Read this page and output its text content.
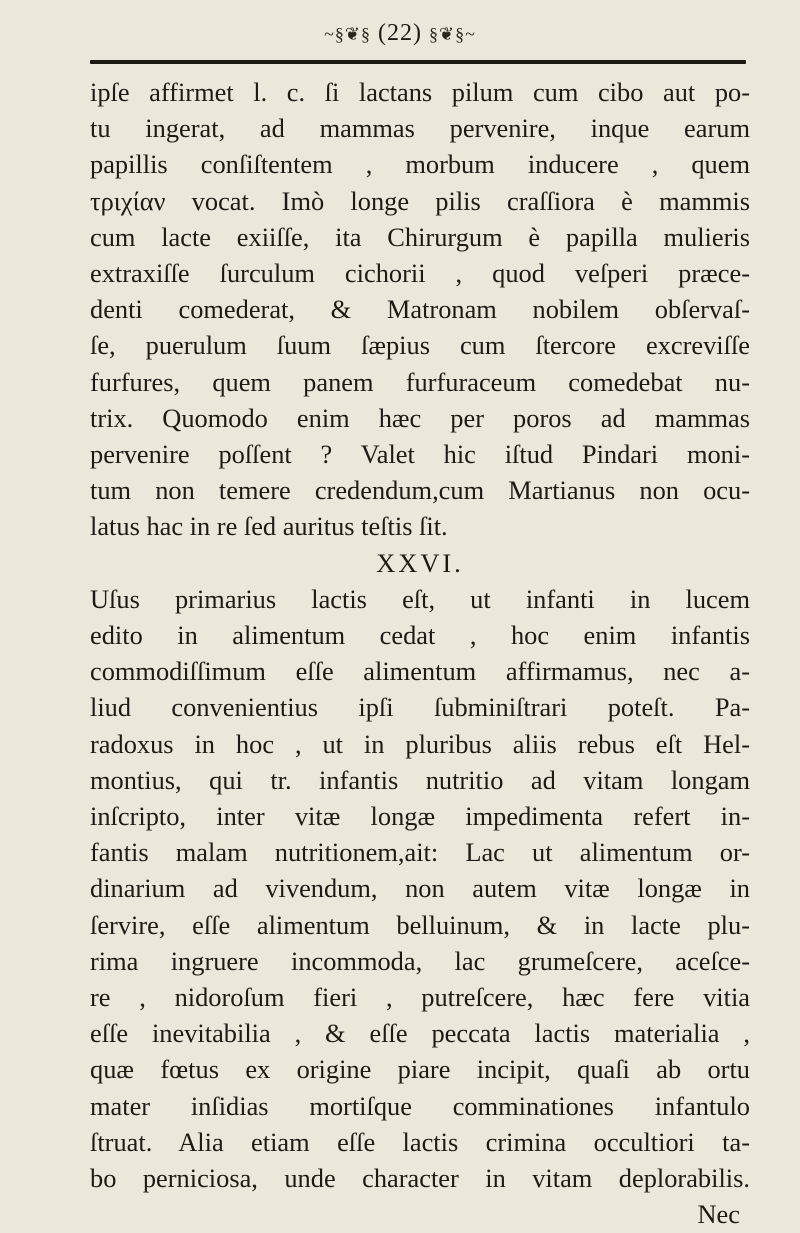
~§❦§ (22) §❦§~
ipſe affirmet l. c. ſi lactans pilum cum cibo aut po-
tu ingerat, ad mammas pervenire, inque earum
papillis conſiſtentem , morbum inducere , quem
τριχίαν vocat. Imò longe pilis craſſiora è mammis
cum lacte exiiſſe, ita Chirurgum è papilla mulieris
extraxiſſe ſurculum cichorii , quod veſperi præce-
denti comederat, & Matronam nobilem obſervaſ-
ſe, puerulum ſuum ſæpius cum ſtercore excreviſſe
furfures, quem panem furfuraceum comedebat nu-
trix. Quomodo enim hæc per poros ad mammas
pervenire poſſent ? Valet hic iſtud Pindari moni-
tum non temere credendum,cum Martianus non ocu-
latus hac in re ſed auritus teſtis ſit.
XXVI.
Uſus primarius lactis eſt, ut infanti in lucem
edito in alimentum cedat , hoc enim infantis
commodiſſimum eſſe alimentum affirmamus, nec a-
liud convenientius ipſi ſubminiſtrari poteſt. Pa-
radoxus in hoc , ut in pluribus aliis rebus eſt Hel-
montius, qui tr. infantis nutritio ad vitam longam
inſcripto, inter vitæ longæ impedimenta refert in-
fantis malam nutritionem,ait: Lac ut alimentum or-
dinarium ad vivendum, non autem vitæ longæ in
ſervire, eſſe alimentum belluinum, & in lacte plu-
rima ingruere incommoda, lac grumeſcere, aceſce-
re , nidoroſum fieri , putreſcere, hæc fere vitia
eſſe inevitabilia , & eſſe peccata lactis materialia ,
quæ fœtus ex origine piare incipit, quaſi ab ortu
mater inſidias mortiſque comminationes infantulo
ſtruat. Alia etiam eſſe lactis crimina occultiori ta-
bo perniciosa, unde character in vitam deplorabilis.
Nec
